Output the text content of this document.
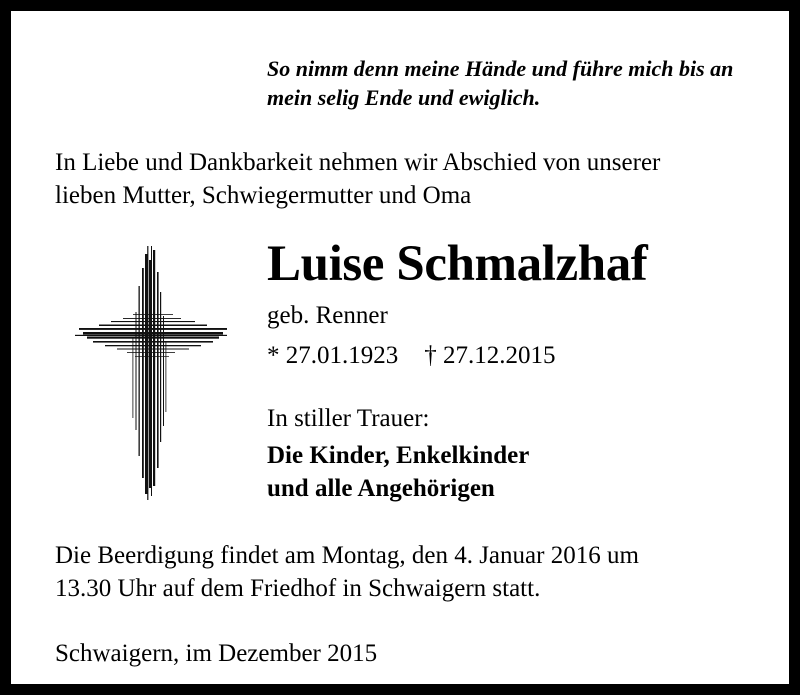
So nimm denn meine Hände und führe mich bis an
mein selig Ende und ewiglich.
In Liebe und Dankbarkeit nehmen wir Abschied von unserer
lieben Mutter, Schwiegermutter und Oma
Luise Schmalzhaf
geb. Renner
* 27.01.1923 † 27.12.2015
In stiller Trauer:
Die Kinder, Enkelkinder
und alle Angehörigen
Die Beerdigung findet am Montag, den 4. Januar 2016 um
13.30 Uhr auf dem Friedhof in Schwaigern statt.
Schwaigern, im Dezember 2015
